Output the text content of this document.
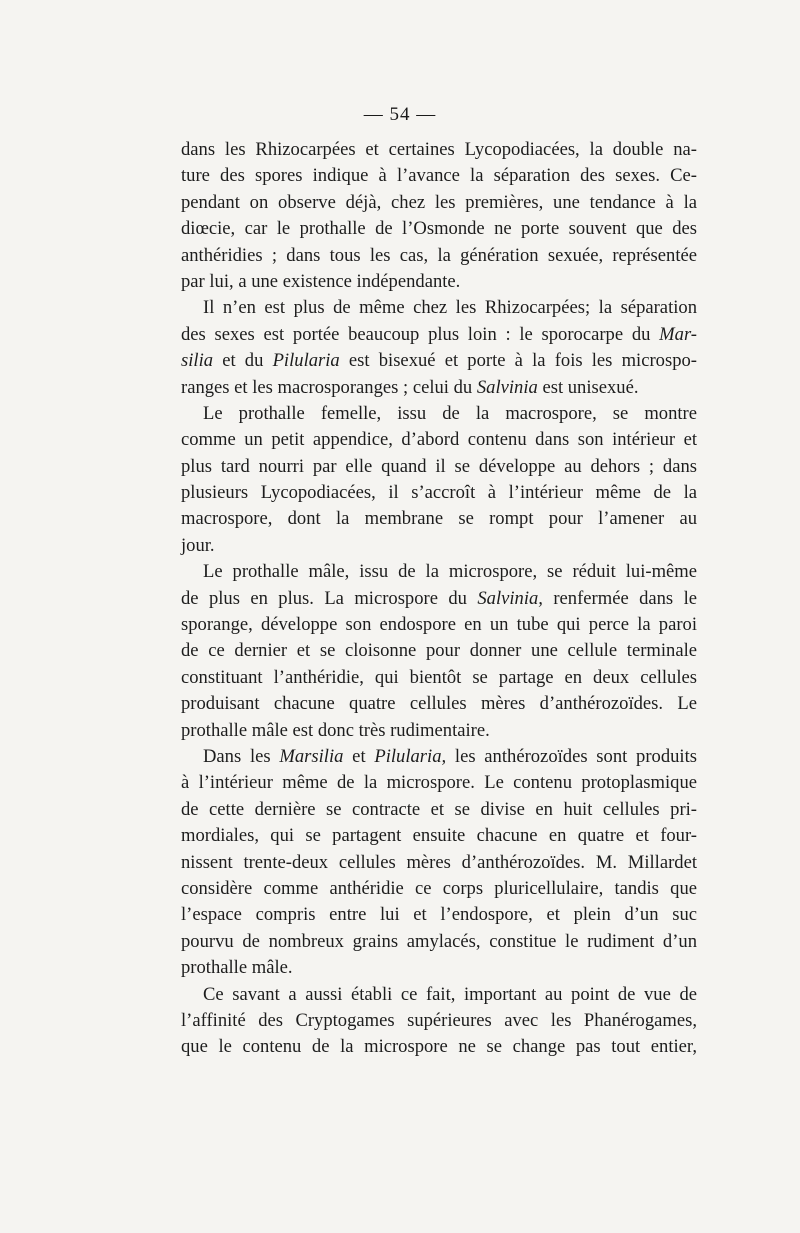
— 54 —
dans les Rhizocarpées et certaines Lycopodiacées, la double na-
ture des spores indique à l’avance la séparation des sexes. Ce-
pendant on observe déjà, chez les premières, une tendance à la
diœcie, car le prothalle de l’Osmonde ne porte souvent que des
anthéridies ; dans tous les cas, la génération sexuée, représentée
par lui, a une existence indépendante.
Il n’en est plus de même chez les Rhizocarpées; la séparation
des sexes est portée beaucoup plus loin : le sporocarpe du Mar-
silia et du Pilularia est bisexué et porte à la fois les microspo-
ranges et les macrosporanges ; celui du Salvinia est unisexué.
Le prothalle femelle, issu de la macrospore, se montre
comme un petit appendice, d’abord contenu dans son intérieur et
plus tard nourri par elle quand il se développe au dehors ; dans
plusieurs Lycopodiacées, il s’accroît à l’intérieur même de la
macrospore, dont la membrane se rompt pour l’amener au
jour.
Le prothalle mâle, issu de la microspore, se réduit lui-même
de plus en plus. La microspore du Salvinia, renfermée dans le
sporange, développe son endospore en un tube qui perce la paroi
de ce dernier et se cloisonne pour donner une cellule terminale
constituant l’anthéridie, qui bientôt se partage en deux cellules
produisant chacune quatre cellules mères d’anthérozoïdes. Le
prothalle mâle est donc très rudimentaire.
Dans les Marsilia et Pilularia, les anthérozoïdes sont produits
à l’intérieur même de la microspore. Le contenu protoplasmique
de cette dernière se contracte et se divise en huit cellules pri-
mordiales, qui se partagent ensuite chacune en quatre et four-
nissent trente-deux cellules mères d’anthérozoïdes. M. Millardet
considère comme anthéridie ce corps pluricellulaire, tandis que
l’espace compris entre lui et l’endospore, et plein d’un suc
pourvu de nombreux grains amylacés, constitue le rudiment d’un
prothalle mâle.
Ce savant a aussi établi ce fait, important au point de vue de
l’affinité des Cryptogames supérieures avec les Phanérogames,
que le contenu de la microspore ne se change pas tout entier,
